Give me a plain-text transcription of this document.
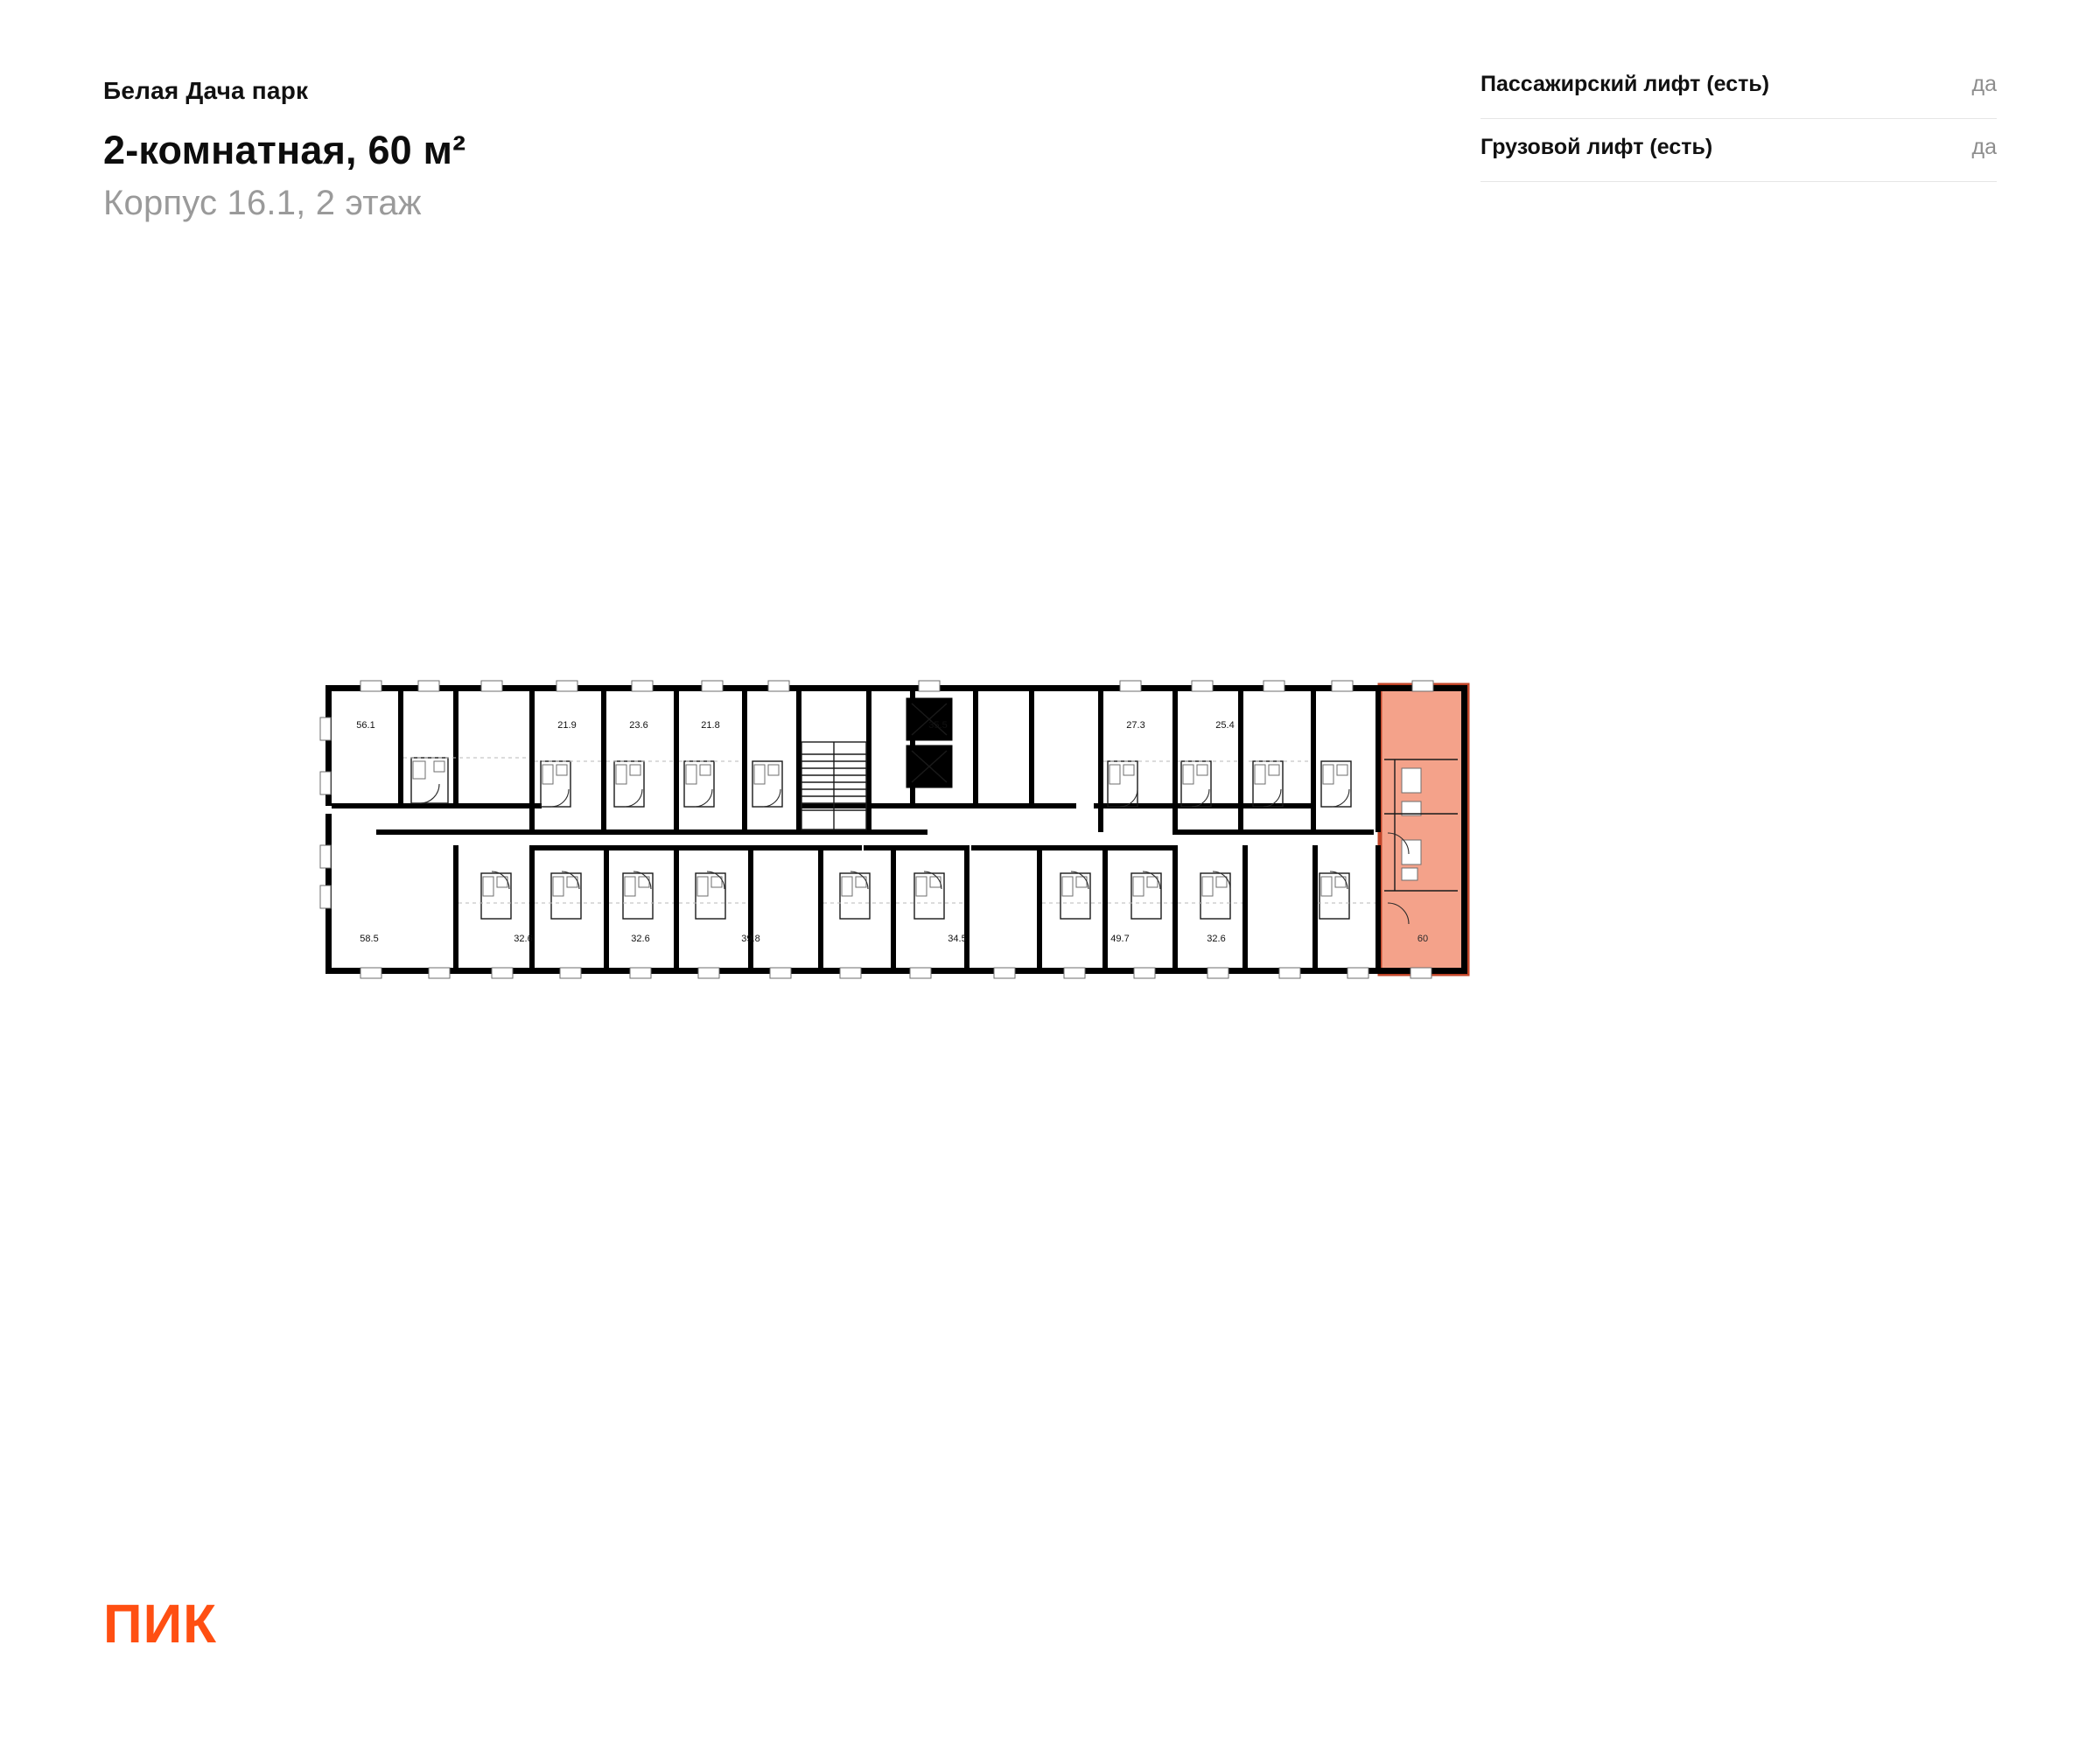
Белая Дача парк
2-комнатная, 60 м²
Корпус 16.1, 2 этаж
Пассажирский лифт (есть)	да
Грузовой лифт (есть)	да
56.1	21.9	23.6	21.8	35.5	27.3	25.4
58.5	32.6	32.6	39.8	34.5	49.7	32.6	60
ПИК
